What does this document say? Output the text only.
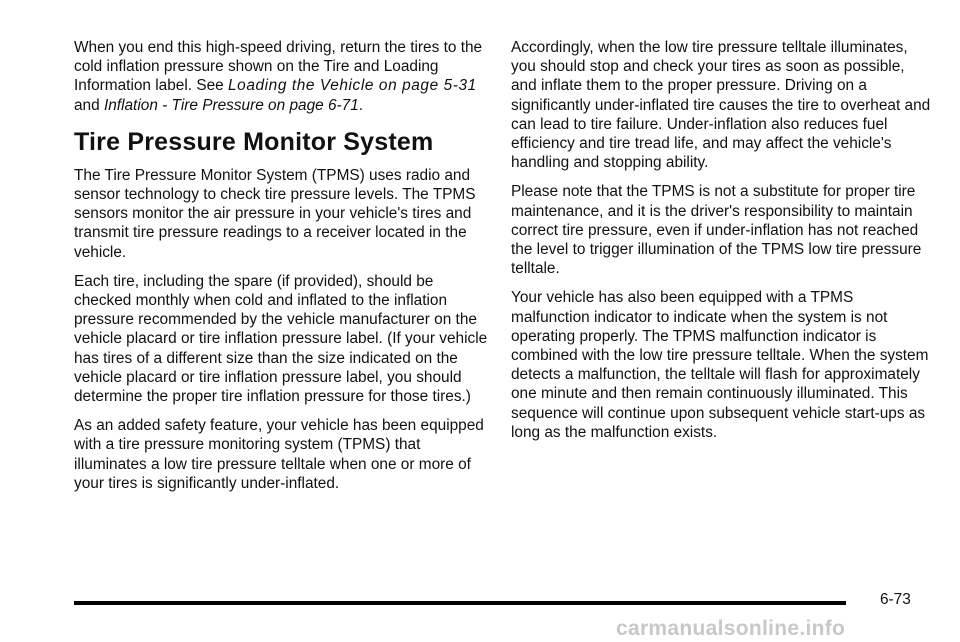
When you end this high-speed driving, return the tires to the cold inflation pressure shown on the Tire and Loading Information label. See Loading the Vehicle on page 5-31 and Inflation - Tire Pressure on page 6-71.

Tire Pressure Monitor System

The Tire Pressure Monitor System (TPMS) uses radio and sensor technology to check tire pressure levels. The TPMS sensors monitor the air pressure in your vehicle's tires and transmit tire pressure readings to a receiver located in the vehicle.

Each tire, including the spare (if provided), should be checked monthly when cold and inflated to the inflation pressure recommended by the vehicle manufacturer on the vehicle placard or tire inflation pressure label. (If your vehicle has tires of a different size than the size indicated on the vehicle placard or tire inflation pressure label, you should determine the proper tire inflation pressure for those tires.)

As an added safety feature, your vehicle has been equipped with a tire pressure monitoring system (TPMS) that illuminates a low tire pressure telltale when one or more of your tires is significantly under-inflated.

Accordingly, when the low tire pressure telltale illuminates, you should stop and check your tires as soon as possible, and inflate them to the proper pressure. Driving on a significantly under-inflated tire causes the tire to overheat and can lead to tire failure. Under-inflation also reduces fuel efficiency and tire tread life, and may affect the vehicle's handling and stopping ability.

Please note that the TPMS is not a substitute for proper tire maintenance, and it is the driver's responsibility to maintain correct tire pressure, even if under-inflation has not reached the level to trigger illumination of the TPMS low tire pressure telltale.

Your vehicle has also been equipped with a TPMS malfunction indicator to indicate when the system is not operating properly. The TPMS malfunction indicator is combined with the low tire pressure telltale. When the system detects a malfunction, the telltale will flash for approximately one minute and then remain continuously illuminated. This sequence will continue upon subsequent vehicle start-ups as long as the malfunction exists.

6-73
carmanualsonline.info
